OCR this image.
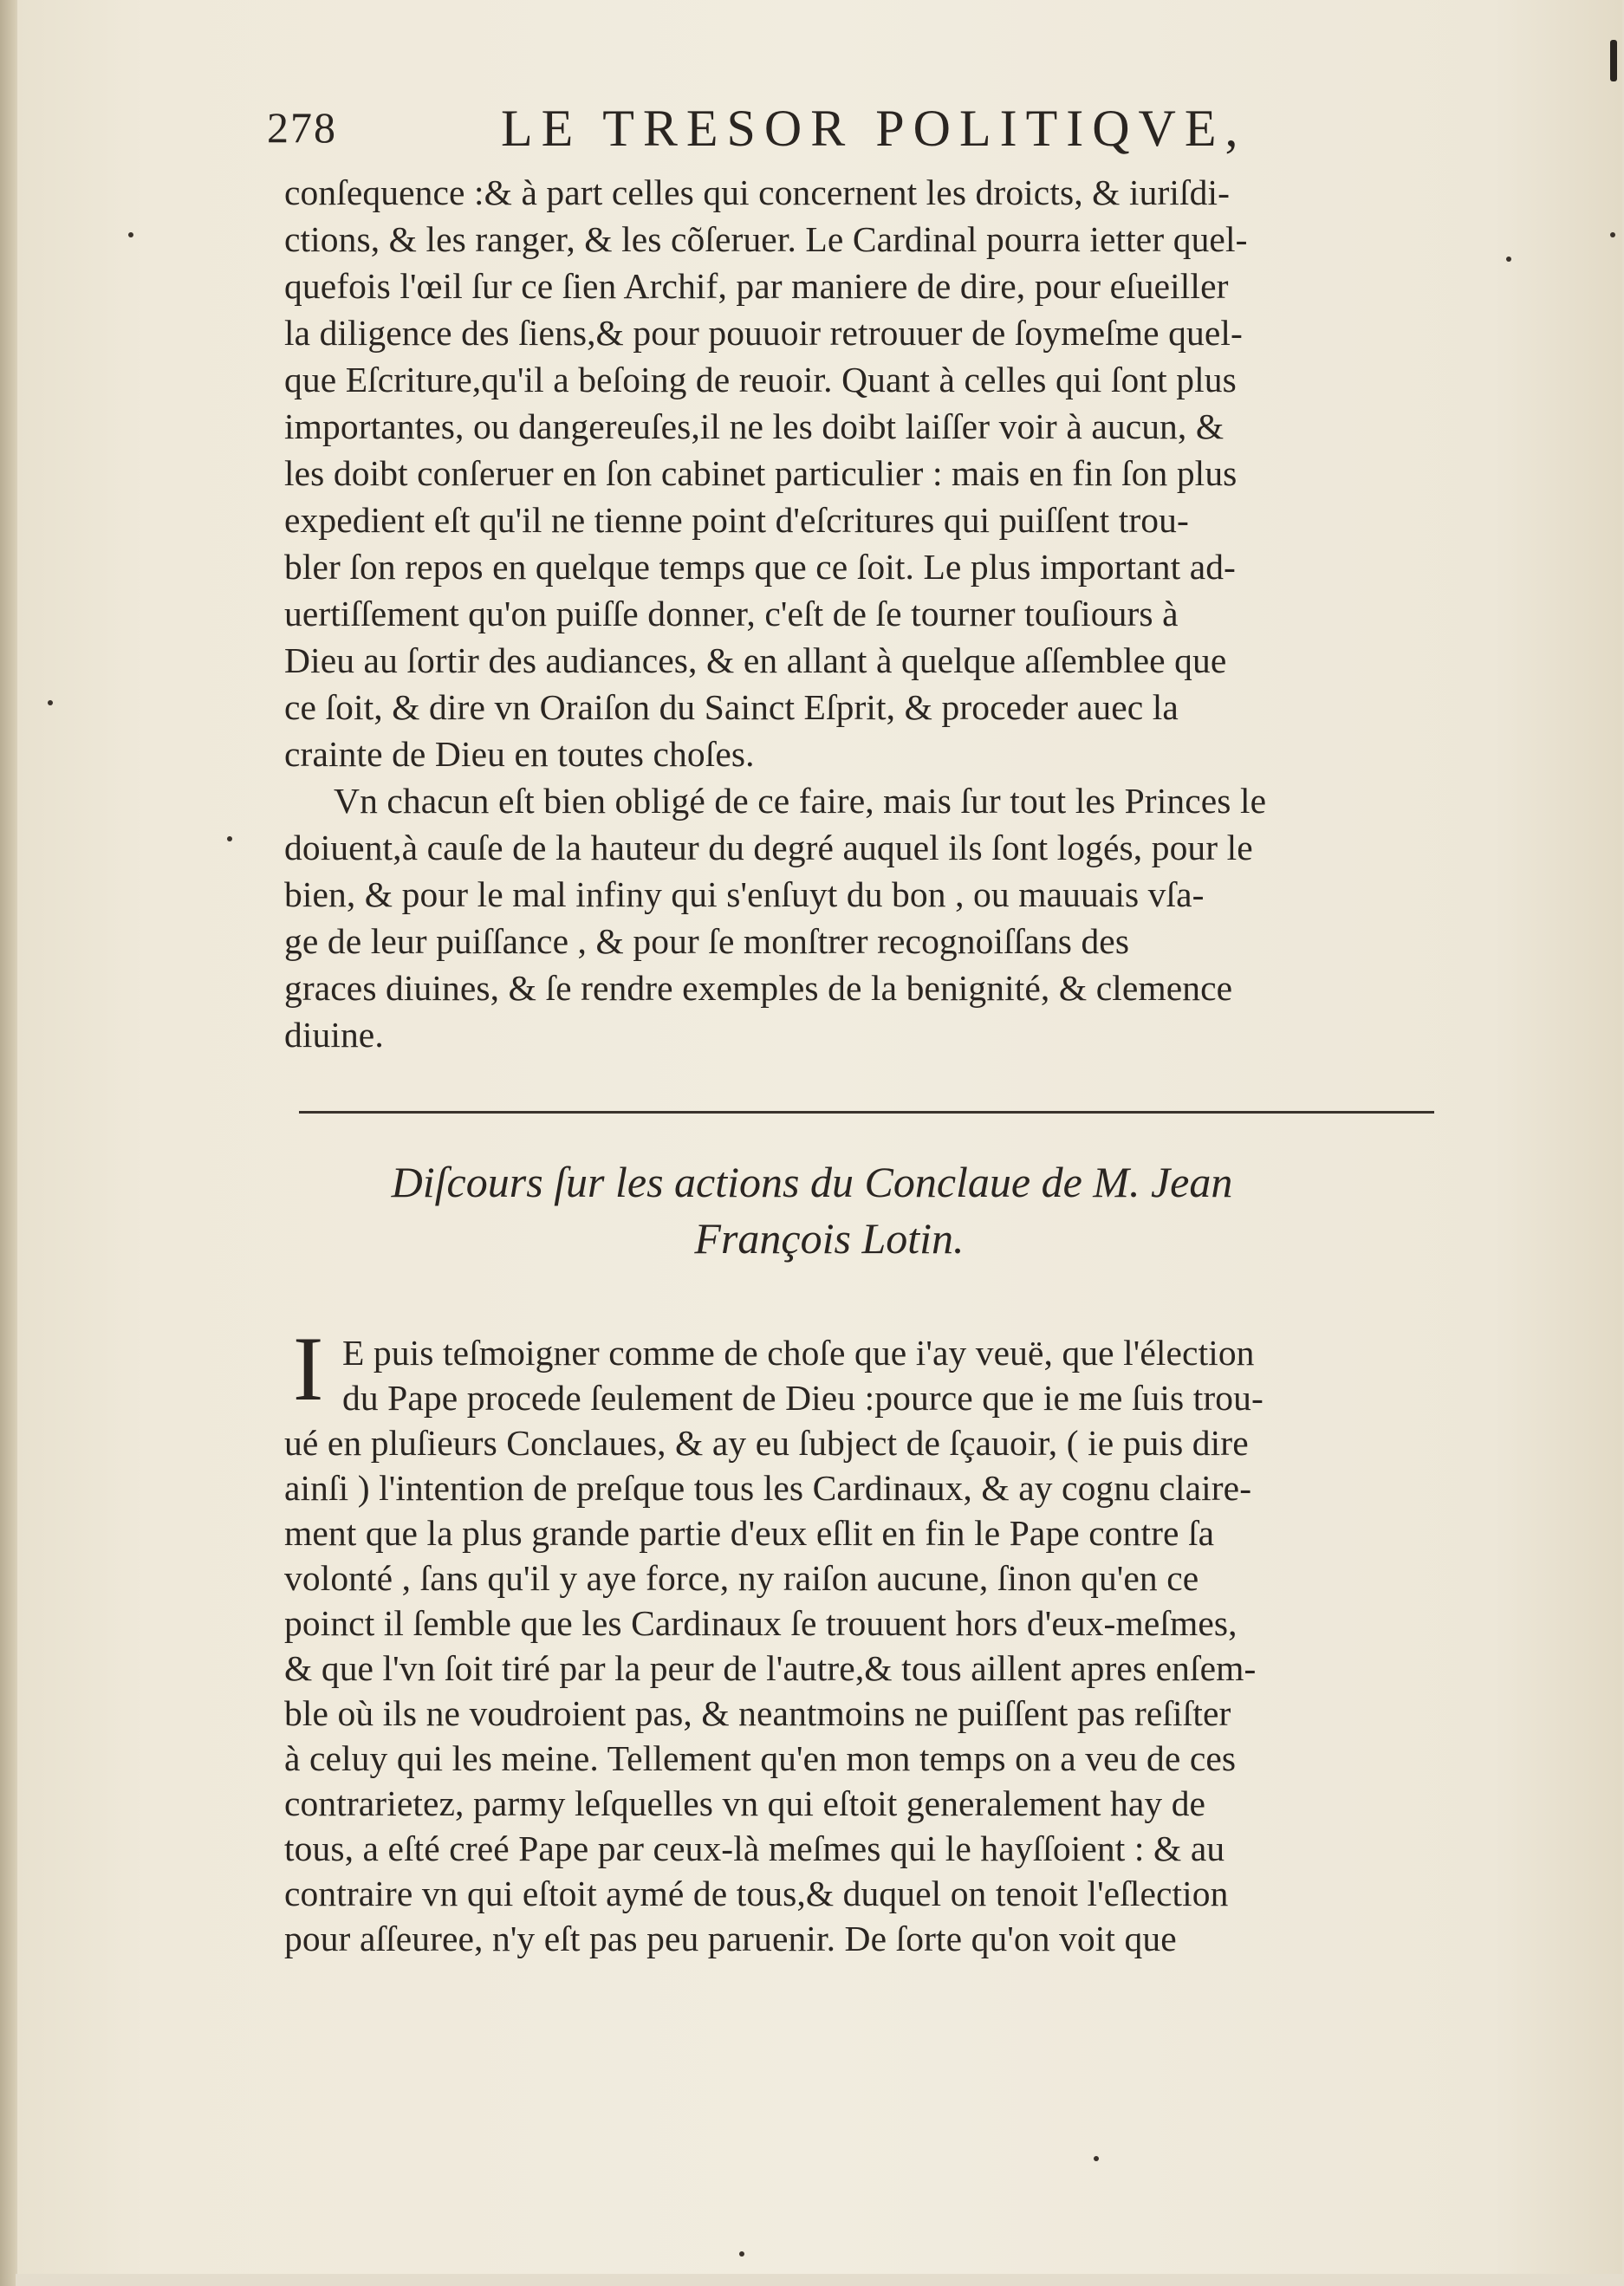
278	LE TRESOR POLITIQVE,
conſequence :& à part celles qui concernent les droicts, & iuriſdi-
ctions, & les ranger, & les cõſeruer. Le Cardinal pourra ietter quel-
quefois l'œil ſur ce ſien Archif, par maniere de dire, pour eſueiller
la diligence des ſiens,& pour pouuoir retrouuer de ſoymeſme quel-
que Eſcriture,qu'il a beſoing de reuoir. Quant à celles qui ſont plus
importantes, ou dangereuſes,il ne les doibt laiſſer voir à aucun, &
les doibt conſeruer en ſon cabinet particulier : mais en fin ſon plus
expedient eſt qu'il ne tienne point d'eſcritures qui puiſſent trou-
bler ſon repos en quelque temps que ce ſoit. Le plus important ad-
uertiſſement qu'on puiſſe donner, c'eſt de ſe tourner touſiours à
Dieu au ſortir des audiances, & en allant à quelque aſſemblee que
ce ſoit, & dire vn Oraiſon du Sainct Eſprit, & proceder auec la
crainte de Dieu en toutes choſes.
Vn chacun eſt bien obligé de ce faire, mais ſur tout les Princes le
doiuent,à cauſe de la hauteur du degré auquel ils ſont logés, pour le
bien, & pour le mal infiny qui s'enſuyt du bon , ou mauuais vſa-
ge de leur puiſſance , & pour ſe monſtrer recognoiſſans des
graces diuines, & ſe rendre exemples de la benignité, & clemence
diuine.
Diſcours ſur les actions du Conclaue de M. Jean
François Lotin.
I E puis teſmoigner comme de choſe que i'ay veuë, que l'élection
du Pape procede ſeulement de Dieu :pource que ie me ſuis trou-
ué en pluſieurs Conclaues, & ay eu ſubject de ſçauoir, ( ie puis dire
ainſi ) l'intention de preſque tous les Cardinaux, & ay cognu claire-
ment que la plus grande partie d'eux eſlit en fin le Pape contre ſa
volonté , ſans qu'il y aye force, ny raiſon aucune, ſinon qu'en ce
poinct il ſemble que les Cardinaux ſe trouuent hors d'eux-meſmes,
& que l'vn ſoit tiré par la peur de l'autre,& tous aillent apres enſem-
ble où ils ne voudroient pas, & neantmoins ne puiſſent pas reſiſter
à celuy qui les meine. Tellement qu'en mon temps on a veu de ces
contrarietez, parmy leſquelles vn qui eſtoit generalement hay de
tous, a eſté creé Pape par ceux-là meſmes qui le hayſſoient : & au
contraire vn qui eſtoit aymé de tous,& duquel on tenoit l'eſlection
pour aſſeuree, n'y eſt pas peu paruenir. De ſorte qu'on voit que
